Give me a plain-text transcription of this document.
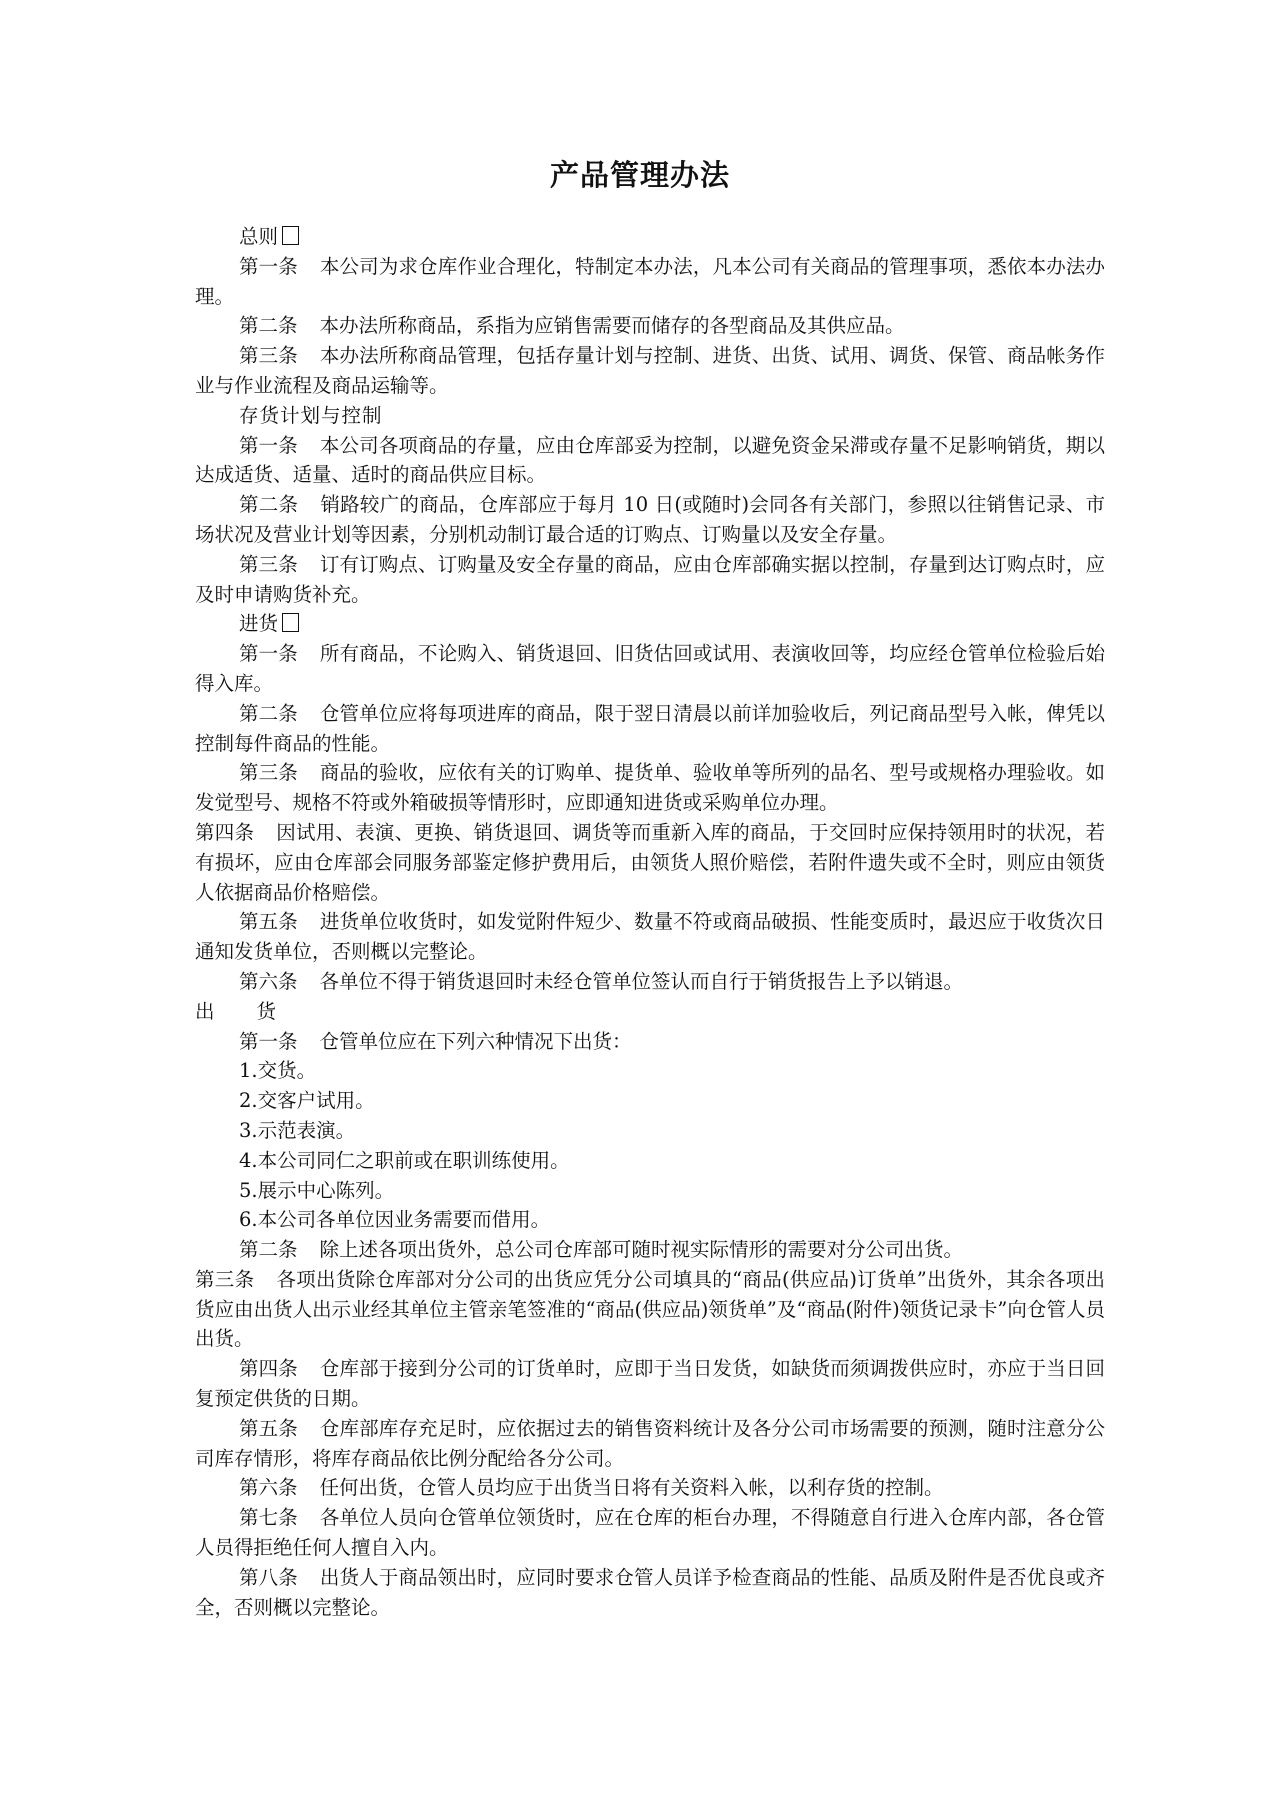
产品管理办法

总则

第一条 本公司为求仓库作业合理化，特制定本办法，凡本公司有关商品的管理事项，悉依本办法办理。

第二条 本办法所称商品，系指为应销售需要而储存的各型商品及其供应品。

第三条 本办法所称商品管理，包括存量计划与控制、进货、出货、试用、调货、保管、商品帐务作业与作业流程及商品运输等。

存货计划与控制

第一条 本公司各项商品的存量，应由仓库部妥为控制，以避免资金呆滞或存量不足影响销货，期以达成适货、适量、适时的商品供应目标。

第二条 销路较广的商品，仓库部应于每月 10 日(或随时)会同各有关部门，参照以往销售记录、市场状况及营业计划等因素，分别机动制订最合适的订购点、订购量以及安全存量。

第三条 订有订购点、订购量及安全存量的商品，应由仓库部确实据以控制，存量到达订购点时，应及时申请购货补充。

进货

第一条 所有商品，不论购入、销货退回、旧货估回或试用、表演收回等，均应经仓管单位检验后始得入库。

第二条 仓管单位应将每项进库的商品，限于翌日清晨以前详加验收后，列记商品型号入帐，俾凭以控制每件商品的性能。

第三条 商品的验收，应依有关的订购单、提货单、验收单等所列的品名、型号或规格办理验收。如发觉型号、规格不符或外箱破损等情形时，应即通知进货或采购单位办理。

第四条 因试用、表演、更换、销货退回、调货等而重新入库的商品，于交回时应保持领用时的状况，若有损坏，应由仓库部会同服务部鉴定修护费用后，由领货人照价赔偿，若附件遗失或不全时，则应由领货人依据商品价格赔偿。

第五条 进货单位收货时，如发觉附件短少、数量不符或商品破损、性能变质时，最迟应于收货次日通知发货单位，否则概以完整论。

第六条 各单位不得于销货退回时未经仓管单位签认而自行于销货报告上予以销退。

出　　货

第一条 仓管单位应在下列六种情况下出货：

1.交货。

2.交客户试用。

3.示范表演。

4.本公司同仁之职前或在职训练使用。

5.展示中心陈列。

6.本公司各单位因业务需要而借用。

第二条 除上述各项出货外，总公司仓库部可随时视实际情形的需要对分公司出货。

第三条 各项出货除仓库部对分公司的出货应凭分公司填具的“商品(供应品)订货单”出货外，其余各项出货应由出货人出示业经其单位主管亲笔签准的“商品(供应品)领货单”及“商品(附件)领货记录卡”向仓管人员出货。

第四条 仓库部于接到分公司的订货单时，应即于当日发货，如缺货而须调拨供应时，亦应于当日回复预定供货的日期。

第五条 仓库部库存充足时，应依据过去的销售资料统计及各分公司市场需要的预测，随时注意分公司库存情形，将库存商品依比例分配给各分公司。

第六条 任何出货，仓管人员均应于出货当日将有关资料入帐，以利存货的控制。

第七条 各单位人员向仓管单位领货时，应在仓库的柜台办理，不得随意自行进入仓库内部，各仓管人员得拒绝任何人擅自入内。

第八条 出货人于商品领出时，应同时要求仓管人员详予检查商品的性能、品质及附件是否优良或齐全，否则概以完整论。
